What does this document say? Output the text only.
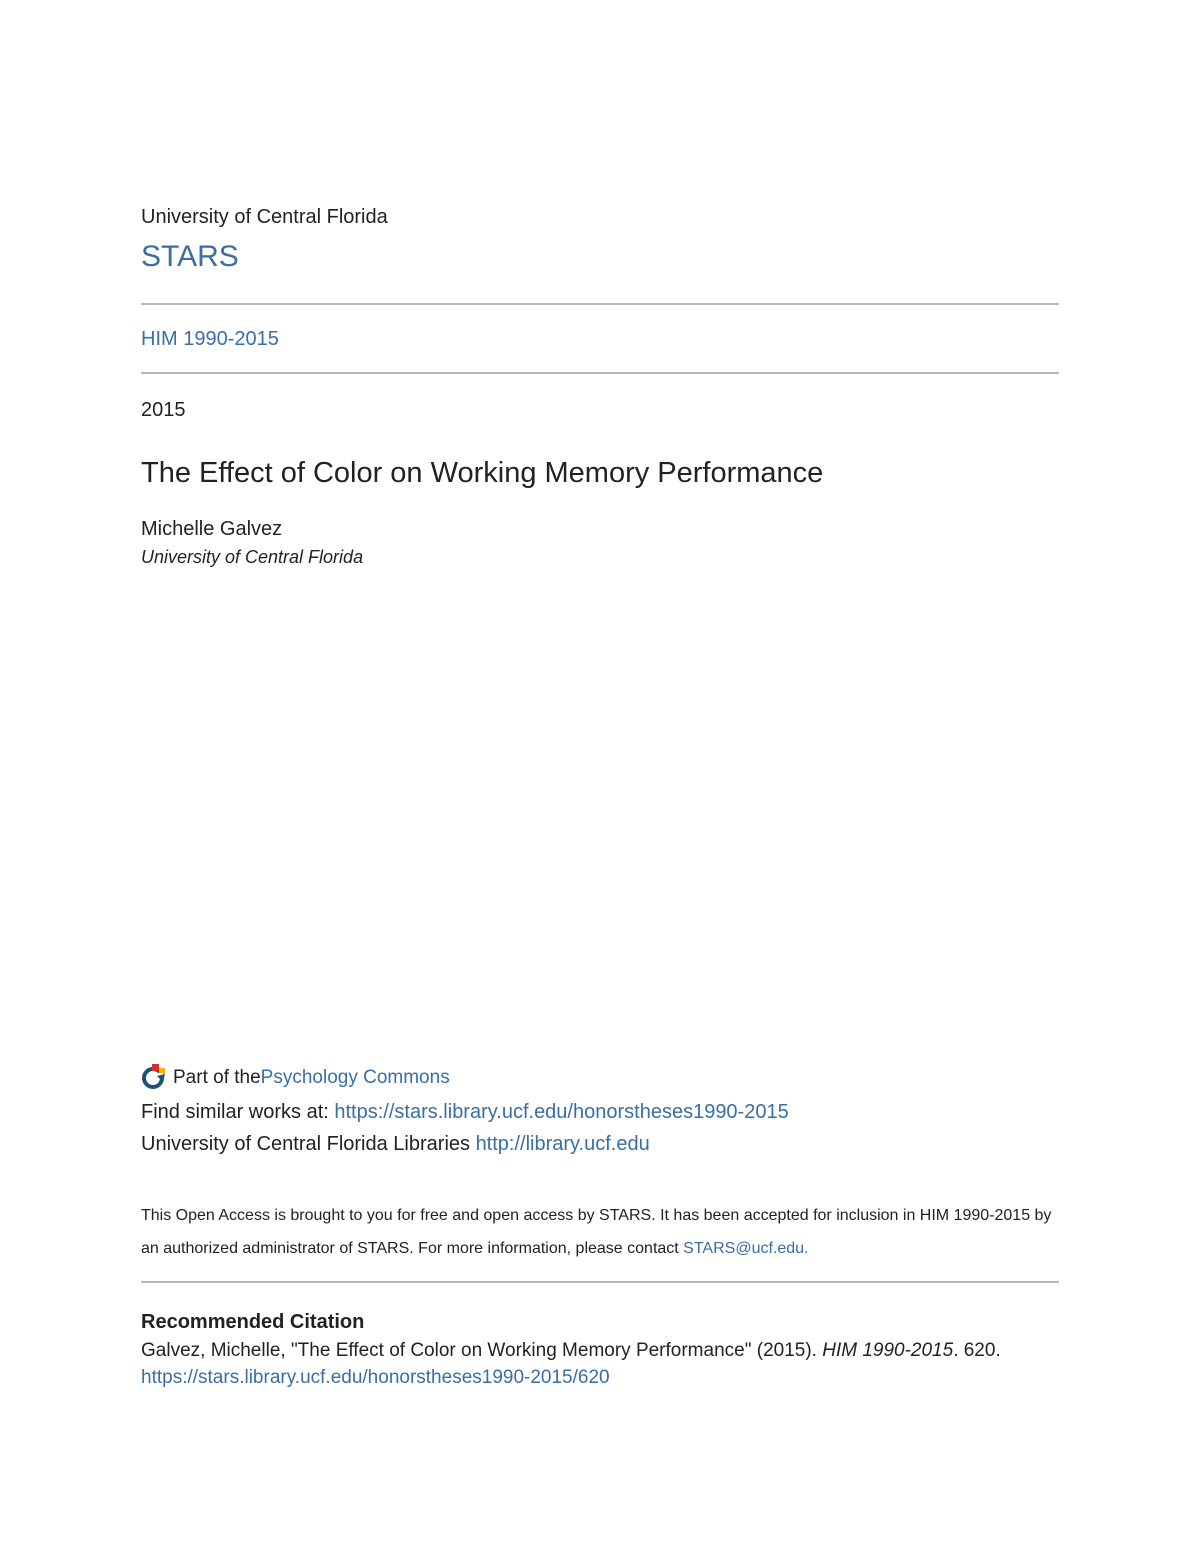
University of Central Florida
STARS
HIM 1990-2015
2015
The Effect of Color on Working Memory Performance
Michelle Galvez
University of Central Florida
Part of the Psychology Commons
Find similar works at: https://stars.library.ucf.edu/honorstheses1990-2015
University of Central Florida Libraries http://library.ucf.edu
This Open Access is brought to you for free and open access by STARS. It has been accepted for inclusion in HIM 1990-2015 by an authorized administrator of STARS. For more information, please contact STARS@ucf.edu.
Recommended Citation
Galvez, Michelle, "The Effect of Color on Working Memory Performance" (2015). HIM 1990-2015. 620.
https://stars.library.ucf.edu/honorstheses1990-2015/620
